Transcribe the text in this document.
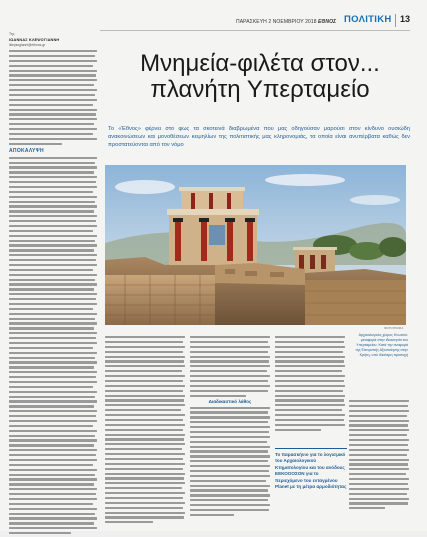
ΠΑΡΑΣΚΕΥΗ 2 ΝΟΕΜΒΡΙΟΥ 2018 ΕΘΝΟΣ ΠΟΛΙΤΙΚΗ 13
Της
ΙΩΑΝΝΑΣ ΚΛΕΨΟΓΙΑΝΝΗ
iklepsogianni@ethnos.gr
Μνημεία-φιλέτα στον...
πλανήτη Υπερταμείο
Το «Έθνος» φέρνει στο φως τα σκοτεινά διαβρωμένα που μας οδηγούσαν μαρούσι στον κίνδυνο ουσιώδη ανακοινώσεων και μονοθέσεων κειμηλίων της πολιτιστικής μας κληρονομιάς, τα οποία είναι ανυπέρβατα καθώς δεν προστατεύονται από τον νόμο
ΦΩΤΟΓΡΑΦΙΑ
Αρχαιολογικός χώρος Κνωσού: μεταφορά στην ιδιοκτησία του Υπερταμείου. Κατά την αναφορά της Επιτροπής Αξιοποίησης στην Κρήτη, υπό ιδιαίτερη προσοχή
ΑΠΟΚΑΛΥΨΗ
Διαδικαστικό λάθος
Το παρασκήνιο για το λογισμικό του Αρχαιολογικού Κτηματολογίου και του ανόδους ΕΕΚΟΟΟΣΟΝ για το περιεχόμενο του ενταγμένου Planet με τη μέτρα αρμοδιότητας
